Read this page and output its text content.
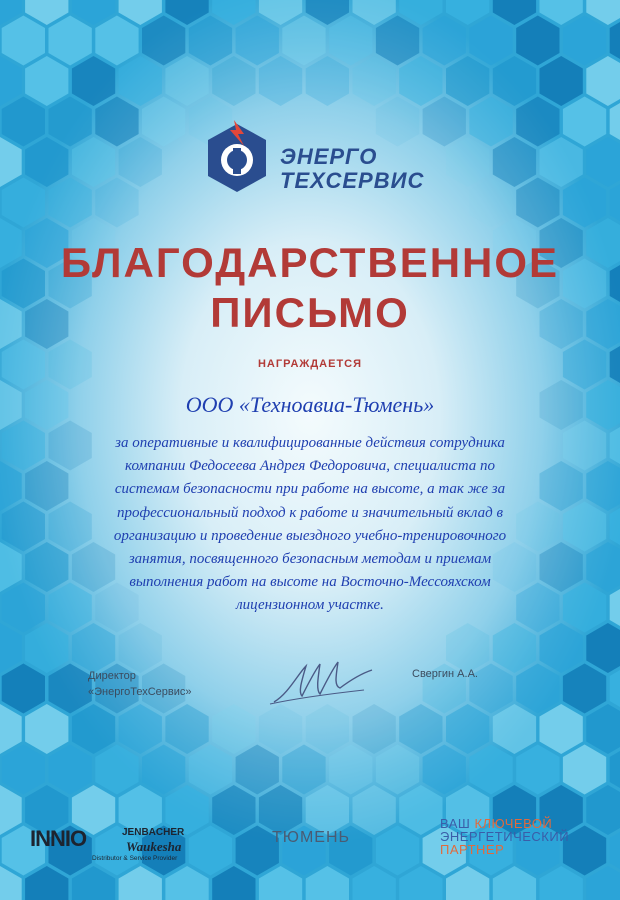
ЭНЕРГО
ТЕХСЕРВИС
БЛАГОДАРСТВЕННОЕ
ПИСЬМО
НАГРАЖДАЕТСЯ
ООО «Техноавиа-Тюмень»
за оперативные и квалифицированные действия сотрудника
компании Федосеева Андрея Федоровича, специалиста по
системам безопасности при работе на высоте, а так же за
профессиональный подход к работе и значительный вклад в
организацию и проведение выездного учебно-тренировочного
занятия, посвященного безопасным методам и приемам
выполнения работ на высоте на Восточно-Мессояхском
лицензионном участке.
Директор
«ЭнергоТехСервис»
Свергин А.А.
INNIO	JENBACHER
Waukesha
Distributor & Service Provider
ТЮМЕНЬ
ВАШ КЛЮЧЕВОЙ
ЭНЕРГЕТИЧЕСКИЙ
ПАРТНЕР
